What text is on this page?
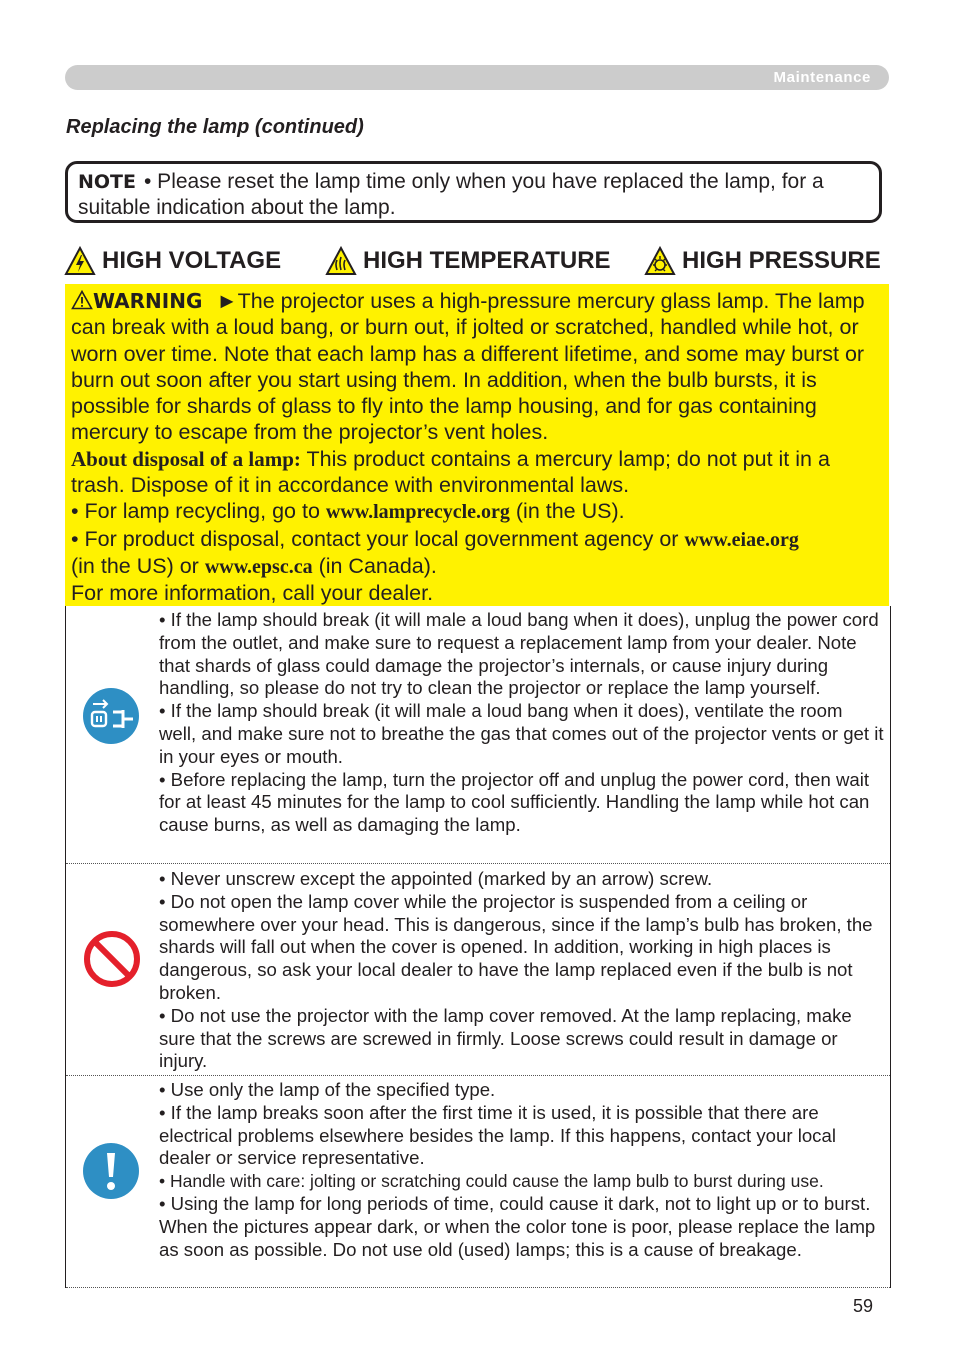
Maintenance
Replacing the lamp (continued)
NOTE • Please reset the lamp time only when you have replaced the lamp, for a suitable indication about the lamp.
HIGH VOLTAGE	HIGH TEMPERATURE	HIGH PRESSURE
WARNING ►The projector uses a high-pressure mercury glass lamp. The lamp can break with a loud bang, or burn out, if jolted or scratched, handled while hot, or worn over time. Note that each lamp has a different lifetime, and some may burst or burn out soon after you start using them. In addition, when the bulb bursts, it is possible for shards of glass to fly into the lamp housing, and for gas containing mercury to escape from the projector’s vent holes.
About disposal of a lamp: This product contains a mercury lamp; do not put it in a trash. Dispose of it in accordance with environmental laws.
• For lamp recycling, go to www.lamprecycle.org (in the US).
• For product disposal, contact your local government agency or www.eiae.org
(in the US) or www.epsc.ca (in Canada).
For more information, call your dealer.

• If the lamp should break (it will male a loud bang when it does), unplug the power cord from the outlet, and make sure to request a replacement lamp from your dealer. Note that shards of glass could damage the projector’s internals, or cause injury during handling, so please do not try to clean the projector or replace the lamp yourself.

• If the lamp should break (it will male a loud bang when it does), ventilate the room well, and make sure not to breathe the gas that comes out of the projector vents or get it in your eyes or mouth.

• Before replacing the lamp, turn the projector off and unplug the power cord, then wait for at least 45 minutes for the lamp to cool sufficiently. Handling the lamp while hot can cause burns, as well as damaging the lamp.

• Never unscrew except the appointed (marked by an arrow) screw.

• Do not open the lamp cover while the projector is suspended from a ceiling or somewhere over your head. This is dangerous, since if the lamp’s bulb has broken, the shards will fall out when the cover is opened. In addition, working in high places is dangerous, so ask your local dealer to have the lamp replaced even if the bulb is not broken.

• Do not use the projector with the lamp cover removed. At the lamp replacing, make sure that the screws are screwed in firmly. Loose screws could result in damage or injury.

• Use only the lamp of the specified type.

• If the lamp breaks soon after the first time it is used, it is possible that there are electrical problems elsewhere besides the lamp. If this happens, contact your local dealer or service representative.

• Handle with care: jolting or scratching could cause the lamp bulb to burst during use.

• Using the lamp for long periods of time, could cause it dark, not to light up or to burst. When the pictures appear dark, or when the color tone is poor, please replace the lamp as soon as possible. Do not use old (used) lamps; this is a cause of breakage.

59
